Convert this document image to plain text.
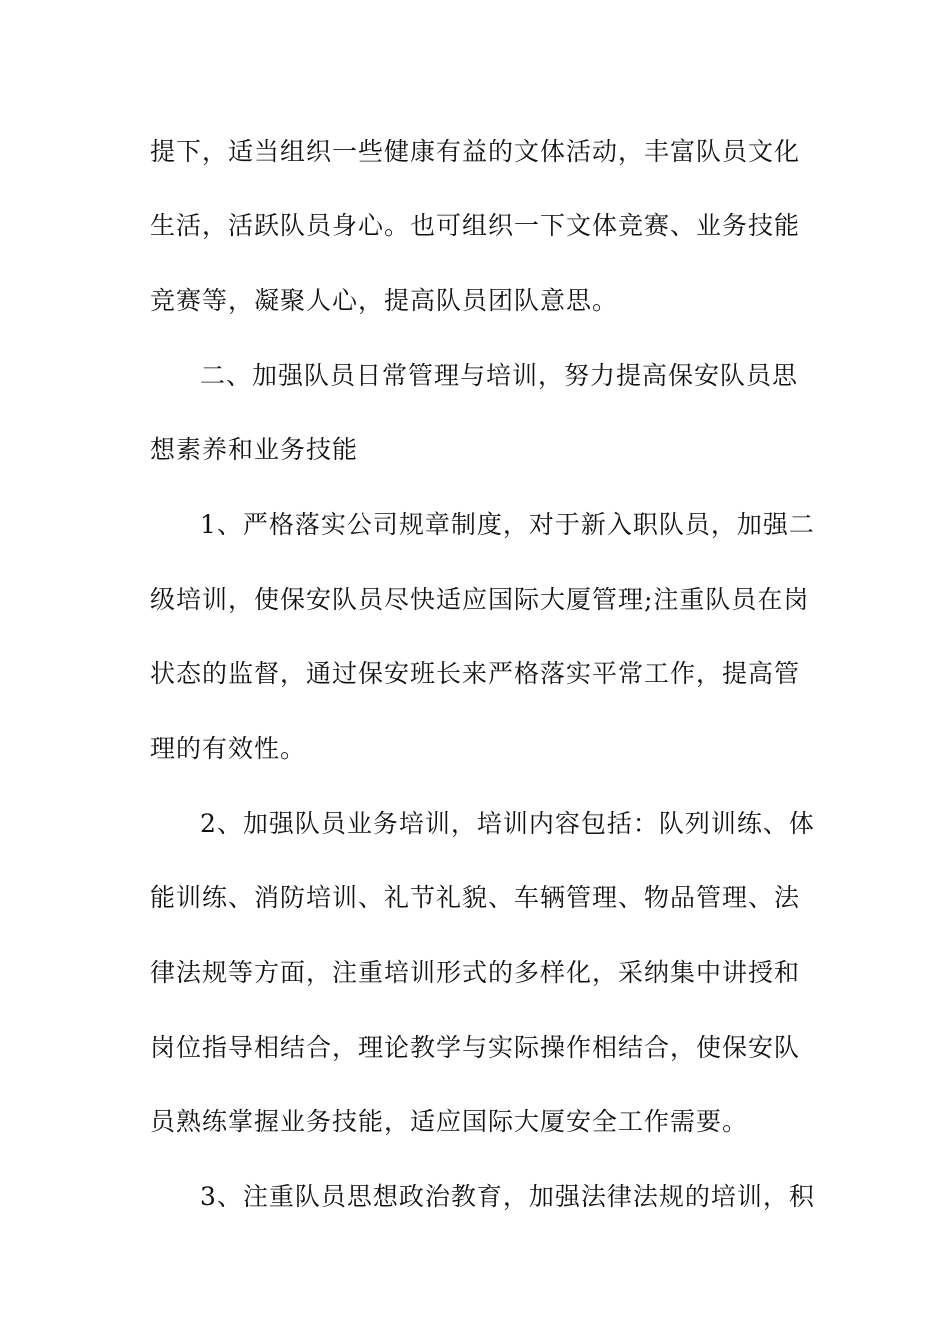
提下，适当组织一些健康有益的文体活动，丰富队员文化
生活，活跃队员身心。也可组织一下文体竞赛、业务技能
竞赛等，凝聚人心，提高队员团队意思。
二、加强队员日常管理与培训，努力提高保安队员思
想素养和业务技能
1、严格落实公司规章制度，对于新入职队员，加强二
级培训，使保安队员尽快适应国际大厦管理;注重队员在岗
状态的监督，通过保安班长来严格落实平常工作，提高管
理的有效性。
2、加强队员业务培训，培训内容包括：队列训练、体
能训练、消防培训、礼节礼貌、车辆管理、物品管理、法
律法规等方面，注重培训形式的多样化，采纳集中讲授和
岗位指导相结合，理论教学与实际操作相结合，使保安队
员熟练掌握业务技能，适应国际大厦安全工作需要。
3、注重队员思想政治教育，加强法律法规的培训，积
